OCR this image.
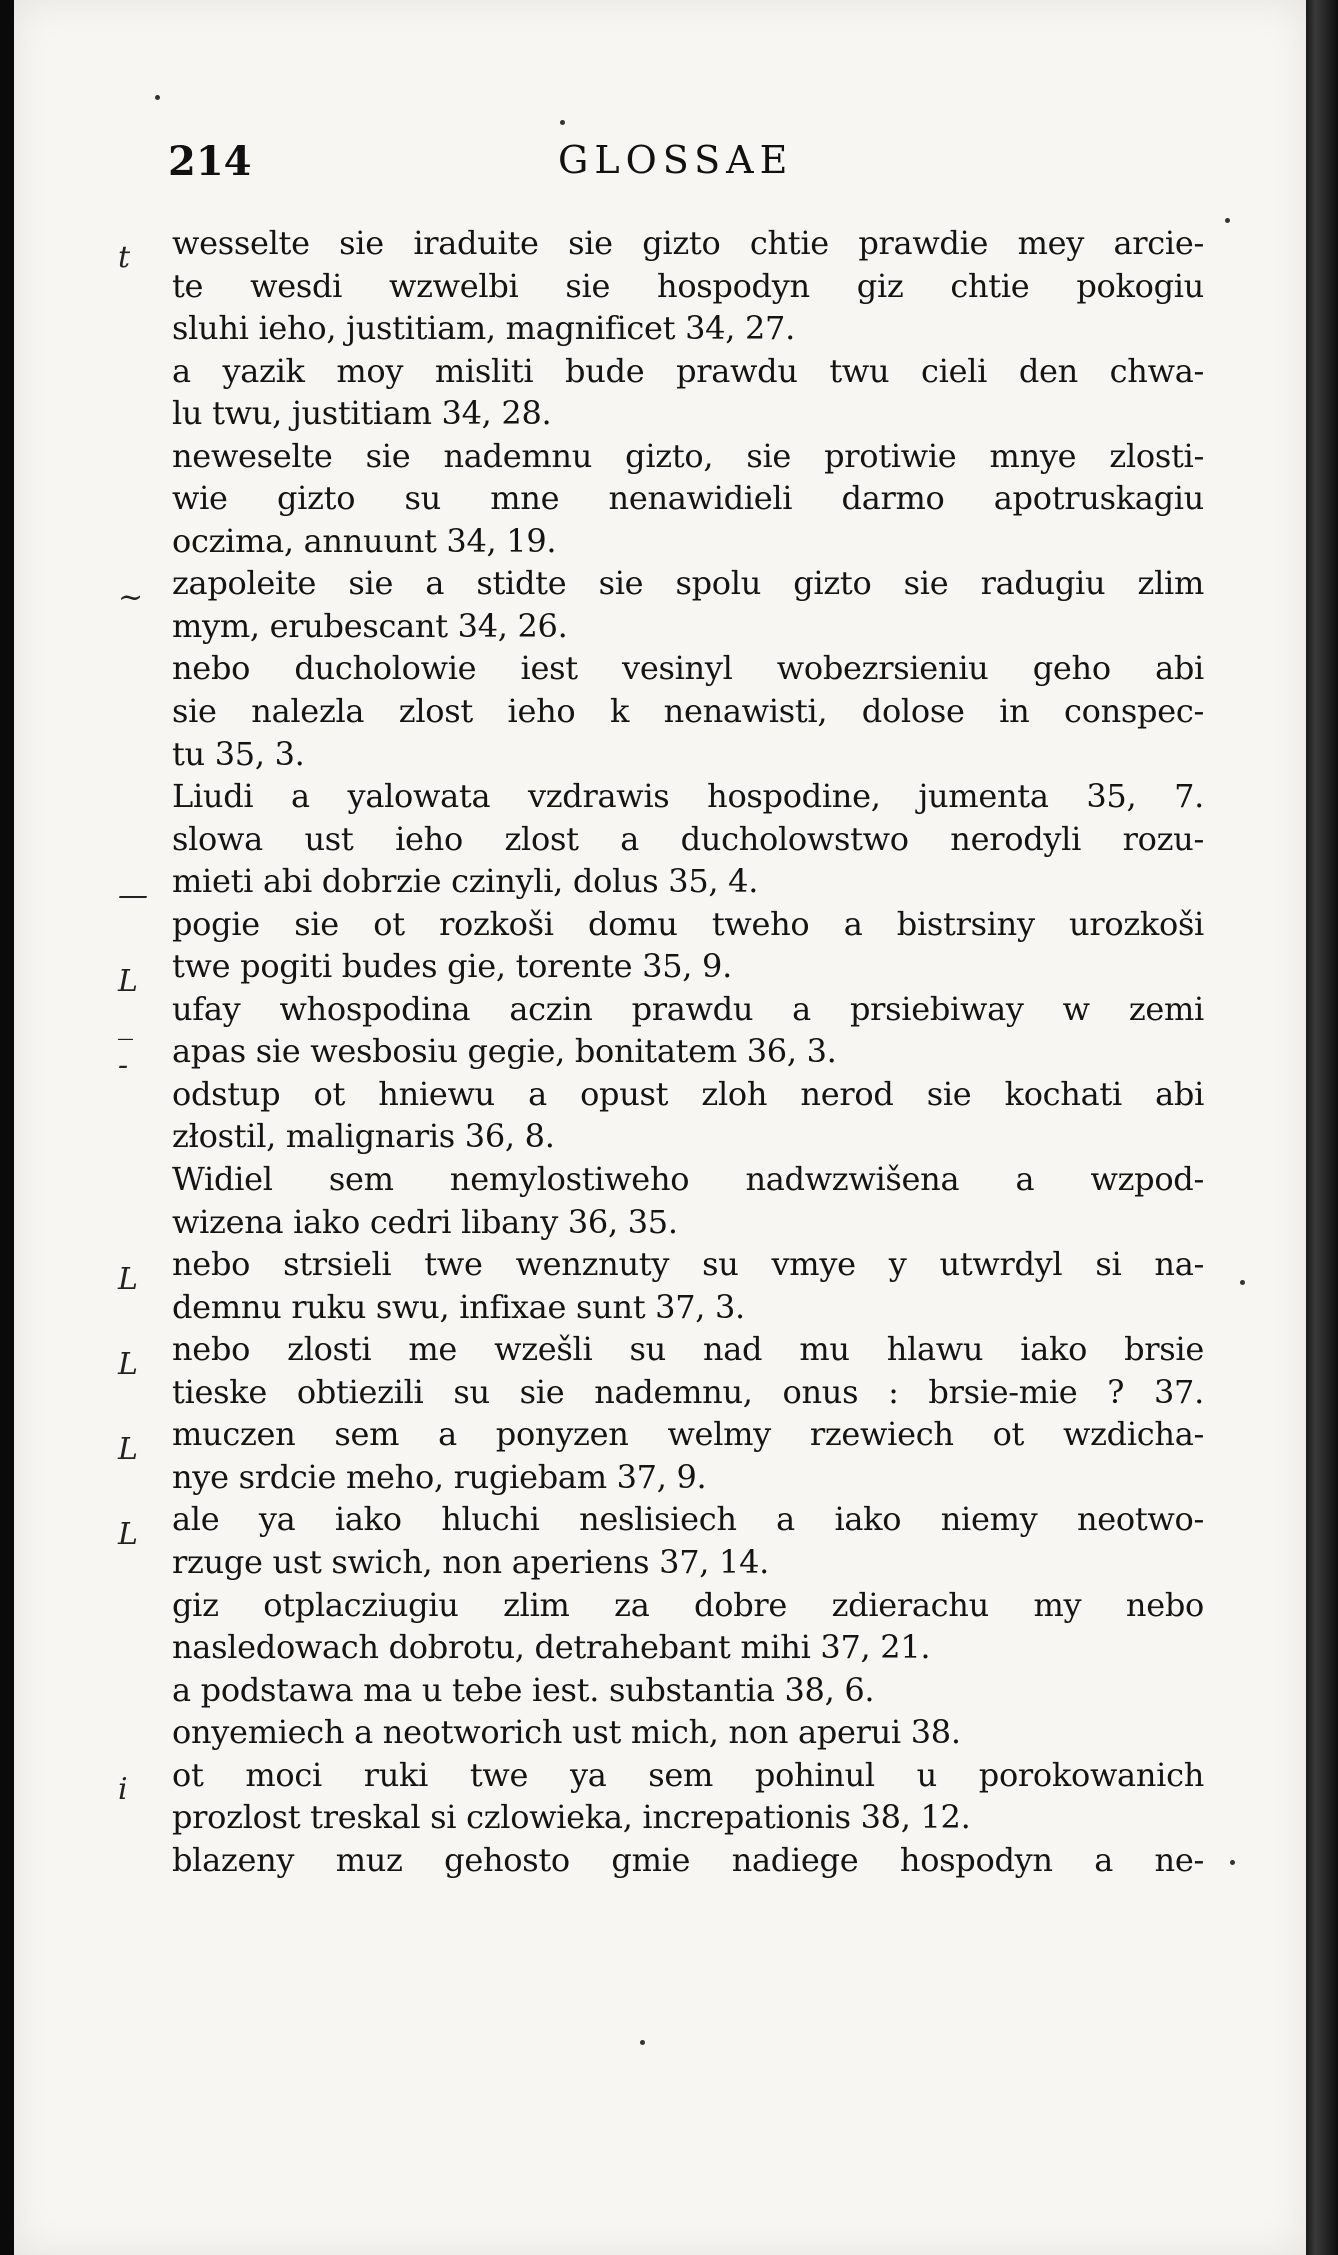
214	GLOSSAE
t
~
—
L
_
-
L
L
L
L
i
wesselte sie iraduite sie gizto chtie prawdie mey arcie-
te wesdi wzwelbi sie hospodyn giz chtie pokogiu
sluhi ieho, justitiam, magnificet 34, 27.
a yazik moy misliti bude prawdu twu cieli den chwa-
lu twu, justitiam 34, 28.
neweselte sie nademnu gizto, sie protiwie mnye zlosti-
wie gizto su mne nenawidieli darmo apotruskagiu
oczima, annuunt 34, 19.
zapoleite sie a stidte sie spolu gizto sie radugiu zlim
mym, erubescant 34, 26.
nebo ducholowie iest vesinyl wobezrsieniu geho abi
sie nalezla zlost ieho k nenawisti, dolose in conspec-
tu 35, 3.
Liudi a yalowata vzdrawis hospodine, jumenta 35, 7.
slowa ust ieho zlost a ducholowstwo nerodyli rozu-
mieti abi dobrzie czinyli, dolus 35, 4.
pogie sie ot rozkoši domu tweho a bistrsiny urozkoši
twe pogiti budes gie, torente 35, 9.
ufay whospodina aczin prawdu a prsiebiway w zemi
apas sie wesbosiu gegie, bonitatem 36, 3.
odstup ot hniewu a opust zloh nerod sie kochati abi
złostil, malignaris 36, 8.
Widiel sem nemylostiweho nadwzwišena a wzpod-
wizena iako cedri libany 36, 35.
nebo strsieli twe wenznuty su vmye y utwrdyl si na-
demnu ruku swu, infixae sunt 37, 3.
nebo zlosti me wzešli su nad mu hlawu iako brsie
tieske obtiezili su sie nademnu, onus : brsie-mie ? 37.
muczen sem a ponyzen welmy rzewiech ot wzdicha-
nye srdcie meho, rugiebam 37, 9.
ale ya iako hluchi neslisiech a iako niemy neotwo-
rzuge ust swich, non aperiens 37, 14.
giz otplacziugiu zlim za dobre zdierachu my nebo
nasledowach dobrotu, detrahebant mihi 37, 21.
a podstawa ma u tebe iest. substantia 38, 6.
onyemiech a neotworich ust mich, non aperui 38.
ot moci ruki twe ya sem pohinul u porokowanich
prozlost treskal si czlowieka, increpationis 38, 12.
blazeny muz gehosto gmie nadiege hospodyn a ne-
